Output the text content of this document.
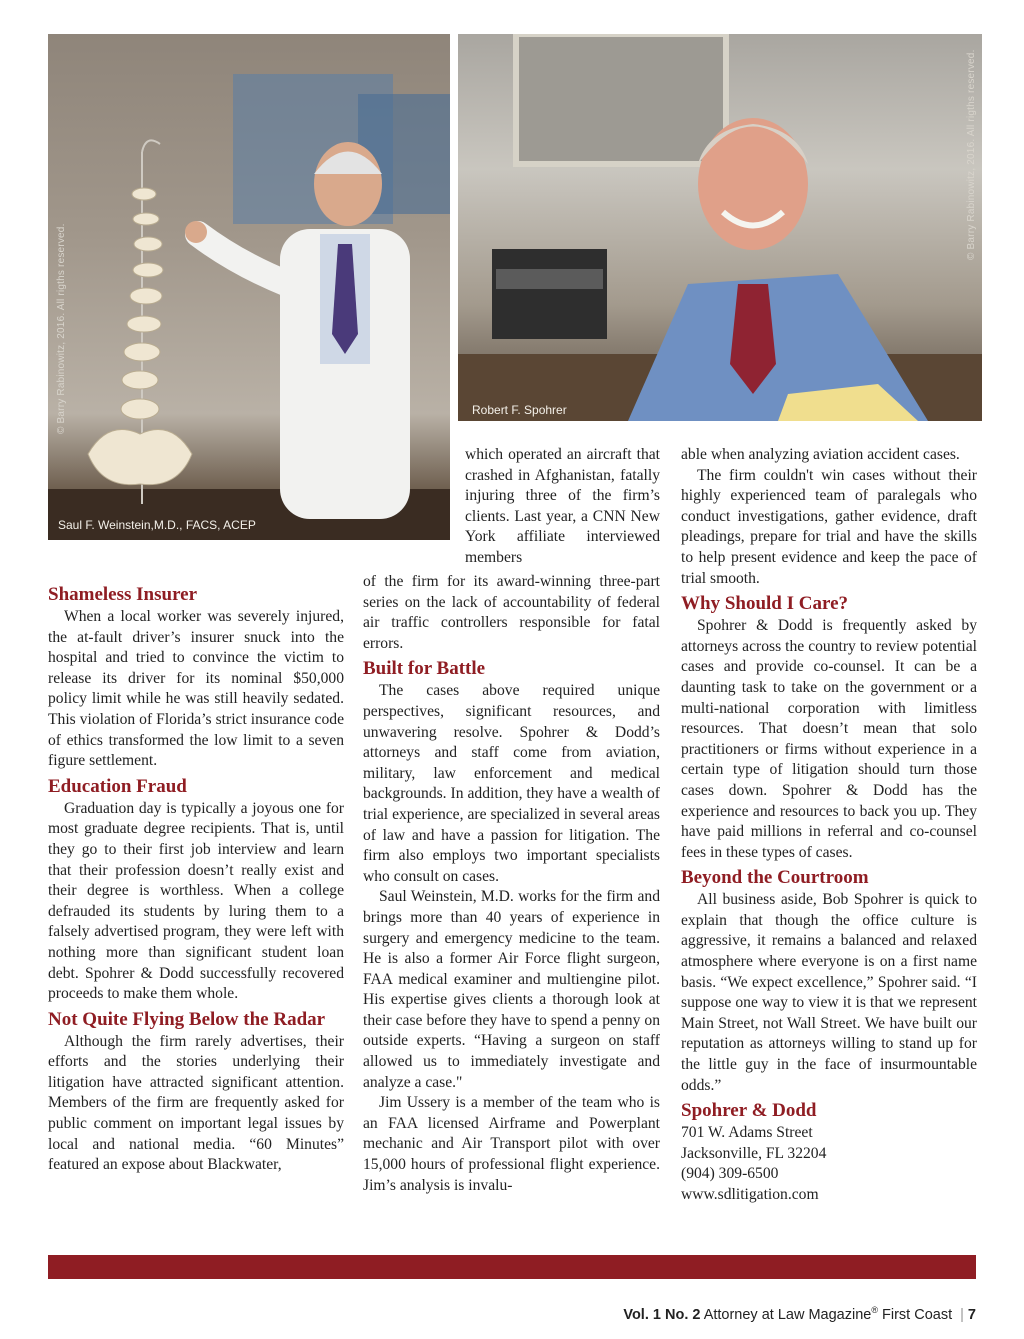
© Barry Rabinowitz, 2016. All rigths reserved.
Saul F. Weinstein,M.D., FACS, ACEP
© Barry Rabinowitz, 2016. All rigths reserved.
Robert F. Spohrer
Shameless Insurer

When a local worker was severely injured, the at-fault driver’s insurer snuck into the hospital and tried to convince the victim to release its driver for its nominal $50,000 policy limit while he was still heavily sedated. This violation of Florida’s strict insurance code of ethics transformed the low limit to a seven figure settlement.

Education Fraud

Graduation day is typically a joyous one for most graduate degree recipients. That is, until they go to their first job interview and learn that their profession doesn’t really exist and their degree is worthless. When a college defrauded its students by luring them to a falsely advertised program, they were left with nothing more than significant student loan debt. Spohrer & Dodd successfully recovered proceeds to make them whole.

Not Quite Flying Below the Radar

Although the firm rarely advertises, their efforts and the stories underlying their litigation have attracted significant attention. Members of the firm are frequently asked for public comment on important legal issues by local and national media. “60 Minutes” featured an expose about Blackwater,

which operated an aircraft that crashed in Afghanistan, fatally injuring three of the firm’s clients. Last year, a CNN New York affiliate interviewed members

of the firm for its award-winning three-part series on the lack of accountability of federal air traffic controllers responsible for fatal errors.

Built for Battle

The cases above required unique perspectives, significant resources, and unwavering resolve. Spohrer & Dodd’s attorneys and staff come from aviation, military, law enforcement and medical backgrounds. In addition, they have a wealth of trial experience, are specialized in several areas of law and have a passion for litigation. The firm also employs two important specialists who consult on cases.

Saul Weinstein, M.D. works for the firm and brings more than 40 years of experience in surgery and emergency medicine to the team. He is also a former Air Force flight surgeon, FAA medical examiner and multiengine pilot. His expertise gives clients a thorough look at their case before they have to spend a penny on outside experts. “Having a surgeon on staff allowed us to immediately investigate and analyze a case."

Jim Ussery is a member of the team who is an FAA licensed Airframe and Powerplant mechanic and Air Transport pilot with over 15,000 hours of professional flight experience. Jim’s analysis is invalu-

able when analyzing aviation accident cases.

The firm couldn't win cases without their highly experienced team of paralegals who conduct investigations, gather evidence, draft pleadings, prepare for trial and have the skills to help present evidence and keep the pace of trial smooth.

Why Should I Care?

Spohrer & Dodd is frequently asked by attorneys across the country to review potential cases and provide co-counsel. It can be a daunting task to take on the government or a multi-national corporation with limitless resources. That doesn’t mean that solo practitioners or firms without experience in a certain type of litigation should turn those cases down. Spohrer & Dodd has the experience and resources to back you up. They have paid millions in referral and co-counsel fees in these types of cases.

Beyond the Courtroom

All business aside, Bob Spohrer is quick to explain that though the office culture is aggressive, it remains a balanced and relaxed atmosphere where everyone is on a first name basis. “We expect excellence,” Spohrer said. “I suppose one way to view it is that we represent Main Street, not Wall Street. We have built our reputation as attorneys willing to stand up for the little guy in the face of insurmountable odds.”

Spohrer & Dodd

701 W. Adams Street

Jacksonville, FL 32204

(904) 309-6500

www.sdlitigation.com

Vol. 1 No. 2 Attorney at Law Magazine® First Coast | 7
